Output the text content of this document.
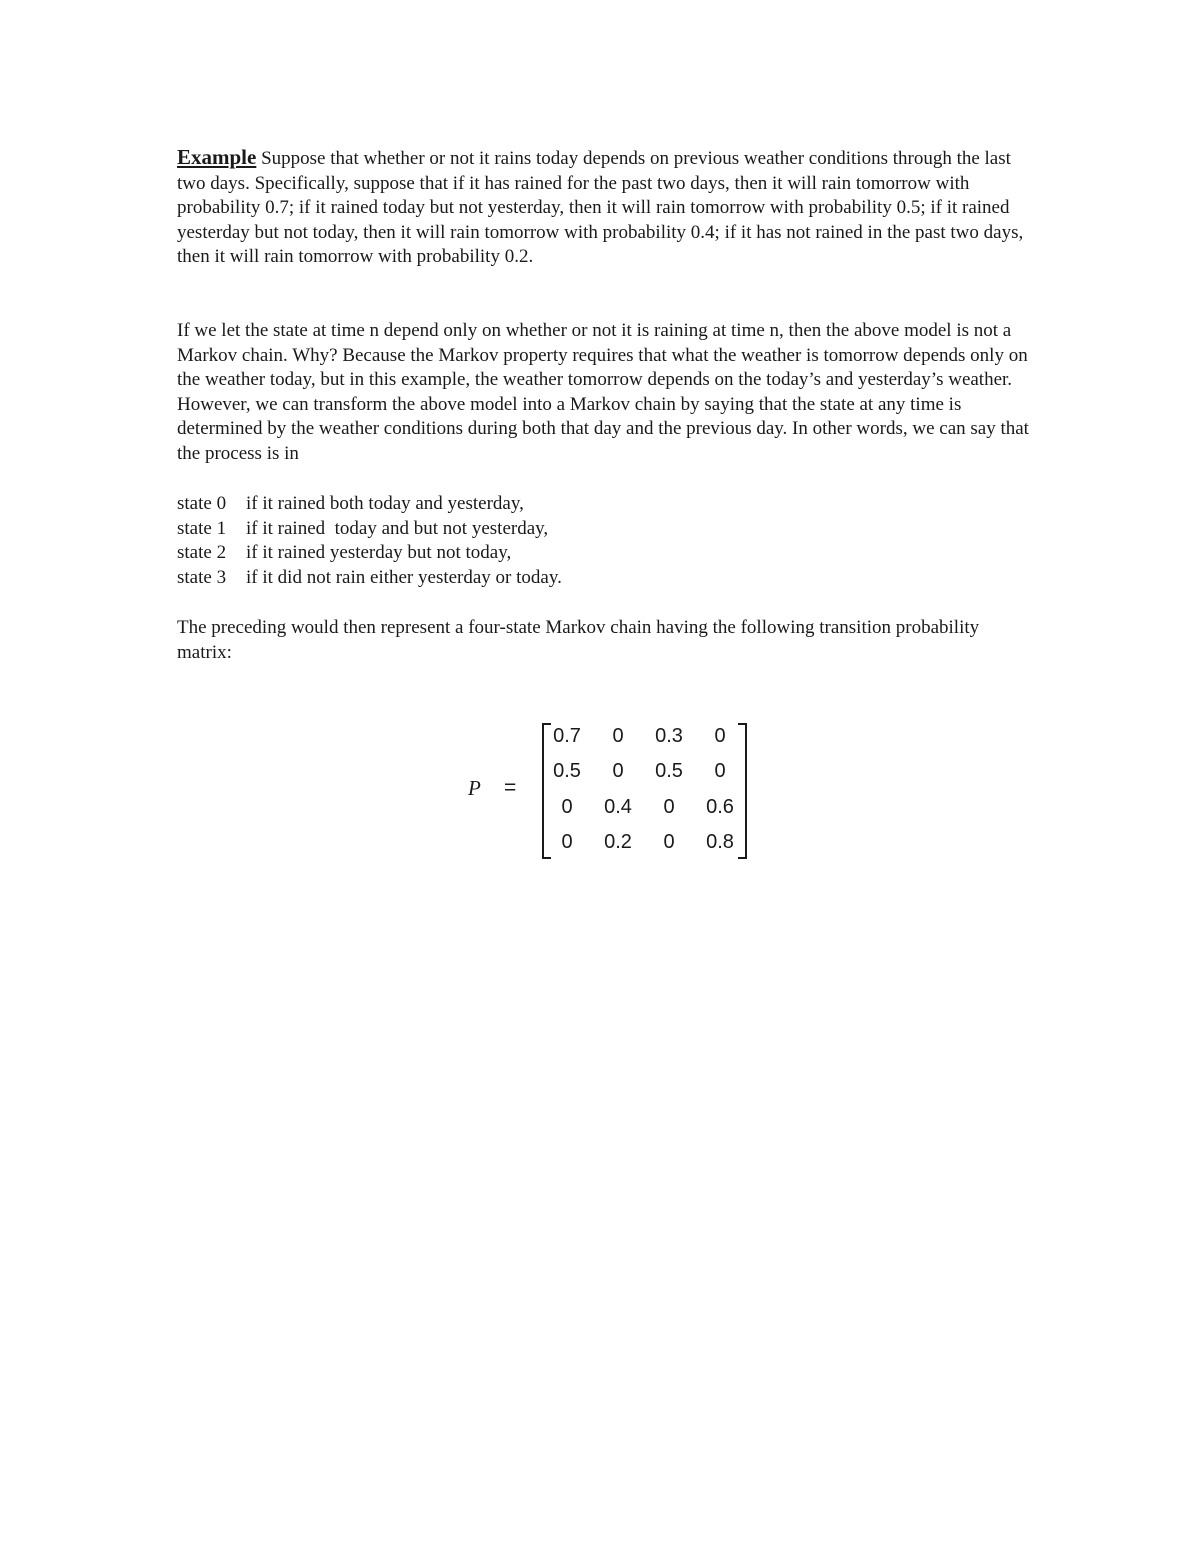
Example Suppose that whether or not it rains today depends on previous weather conditions through the last two days. Specifically, suppose that if it has rained for the past two days, then it will rain tomorrow with probability 0.7; if it rained today but not yesterday, then it will rain tomorrow with probability 0.5; if it rained yesterday but not today, then it will rain tomorrow with probability 0.4; if it has not rained in the past two days, then it will rain tomorrow with probability 0.2.

If we let the state at time n depend only on whether or not it is raining at time n, then the above model is not a Markov chain. Why? Because the Markov property requires that what the weather is tomorrow depends only on the weather today, but in this example, the weather tomorrow depends on the today’s and yesterday’s weather. However, we can transform the above model into a Markov chain by saying that the state at any time is determined by the weather conditions during both that day and the previous day. In other words, we can say that the process is in

state 0 if it rained both today and yesterday,
state 1 if it rained  today and but not yesterday,
state 2 if it rained yesterday but not today,
state 3 if it did not rain either yesterday or today.

The preceding would then represent a four-state Markov chain having the following transition probability matrix:

P =
0.7	0	0.3	0
0.5	0	0.5	0
0	0.4	0	0.6
0	0.2	0	0.8
